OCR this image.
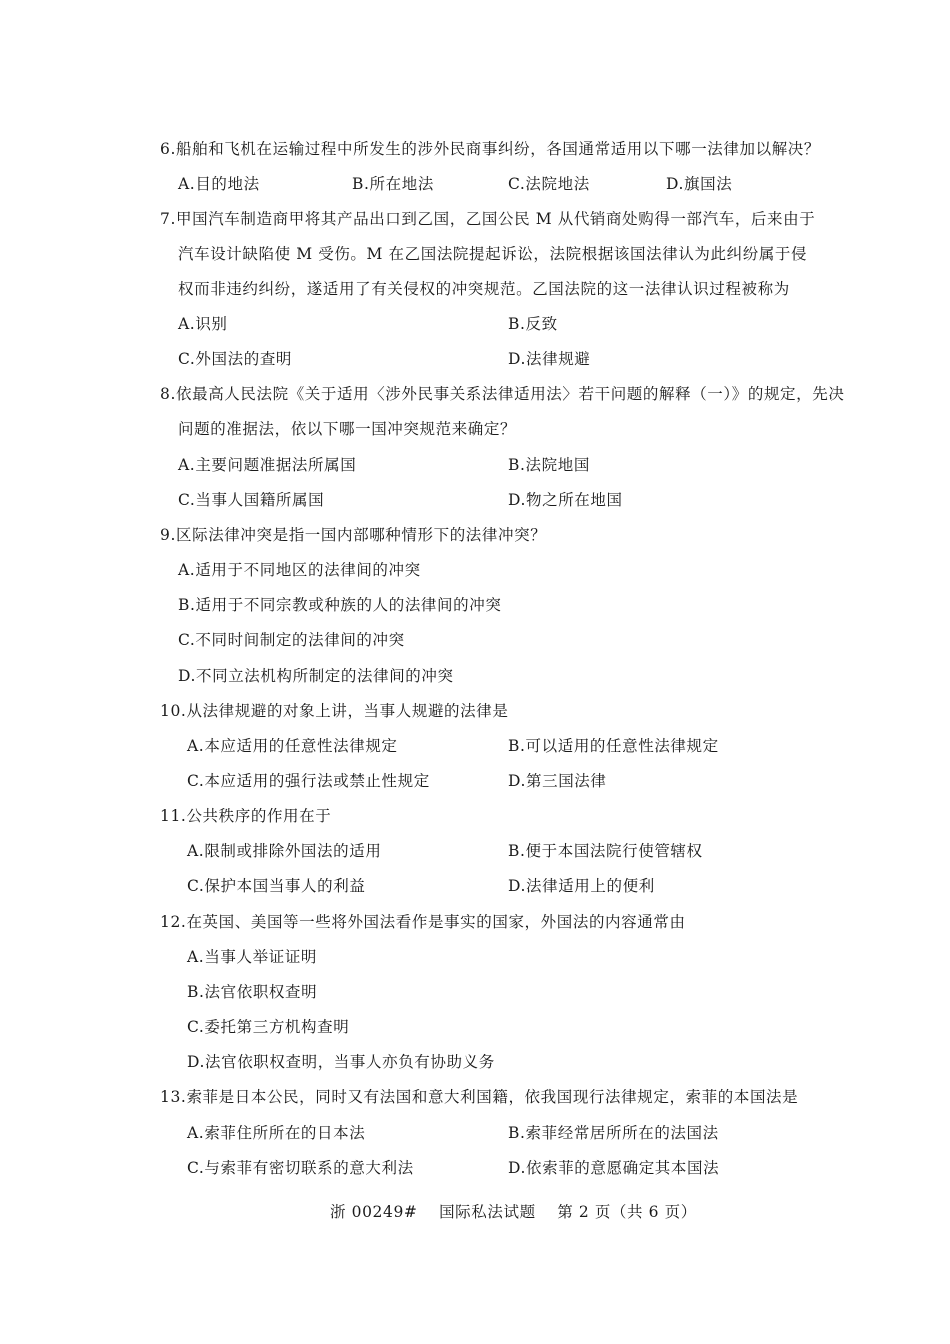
6.船舶和飞机在运输过程中所发生的涉外民商事纠纷，各国通常适用以下哪一法律加以解决？
A.目的地法	B.所在地法	C.法院地法	D.旗国法
7.甲国汽车制造商甲将其产品出口到乙国，乙国公民 M 从代销商处购得一部汽车，后来由于
汽车设计缺陷使 M 受伤。M 在乙国法院提起诉讼，法院根据该国法律认为此纠纷属于侵
权而非违约纠纷，遂适用了有关侵权的冲突规范。乙国法院的这一法律认识过程被称为
A.识别	B.反致
C.外国法的查明	D.法律规避
8.依最高人民法院《关于适用〈涉外民事关系法律适用法〉若干问题的解释（一）》的规定，先决
问题的准据法，依以下哪一国冲突规范来确定？
A.主要问题准据法所属国	B.法院地国
C.当事人国籍所属国	D.物之所在地国
9.区际法律冲突是指一国内部哪种情形下的法律冲突？
A.适用于不同地区的法律间的冲突
B.适用于不同宗教或种族的人的法律间的冲突
C.不同时间制定的法律间的冲突
D.不同立法机构所制定的法律间的冲突
10.从法律规避的对象上讲，当事人规避的法律是
A.本应适用的任意性法律规定	B.可以适用的任意性法律规定
C.本应适用的强行法或禁止性规定	D.第三国法律
11.公共秩序的作用在于
A.限制或排除外国法的适用	B.便于本国法院行使管辖权
C.保护本国当事人的利益	D.法律适用上的便利
12.在英国、美国等一些将外国法看作是事实的国家，外国法的内容通常由
A.当事人举证证明
B.法官依职权查明
C.委托第三方机构查明
D.法官依职权查明，当事人亦负有协助义务
13.索菲是日本公民，同时又有法国和意大利国籍，依我国现行法律规定，索菲的本国法是
A.索菲住所所在的日本法	B.索菲经常居所所在的法国法
C.与索菲有密切联系的意大利法	D.依索菲的意愿确定其本国法
浙 00249# 国际私法试题 第 2 页（共 6 页）
